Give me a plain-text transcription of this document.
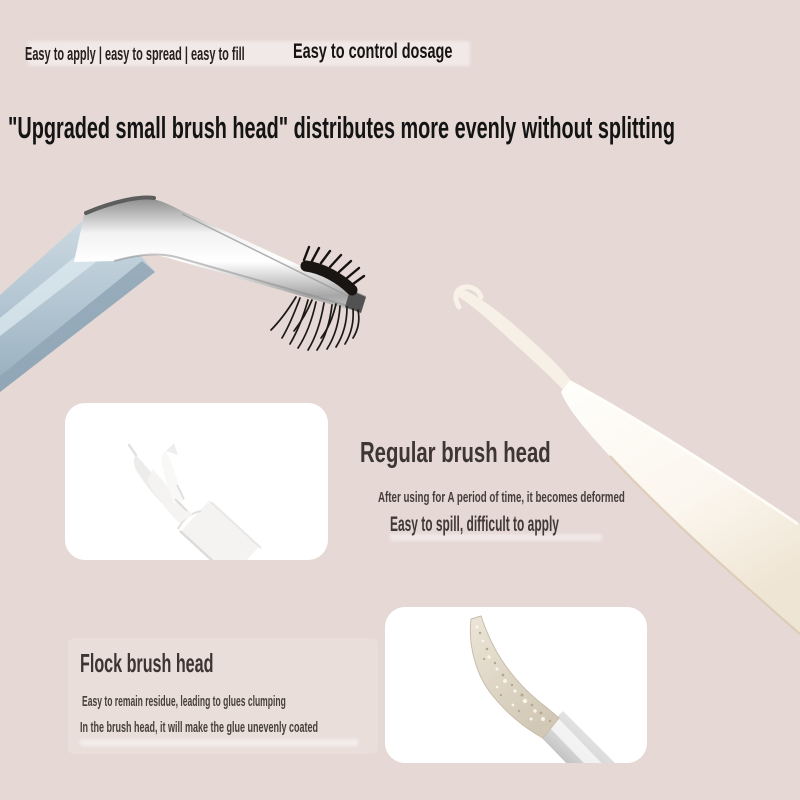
Easy to apply | easy to spread | easy to fill Easy to control dosage
"Upgraded small brush head" distributes more evenly without splitting
Regular brush head
After using for A period of time, it becomes deformed
Easy to spill, difficult to apply
Flock brush head
Easy to remain residue, leading to glues clumping
In the brush head, it will make the glue unevenly coated
